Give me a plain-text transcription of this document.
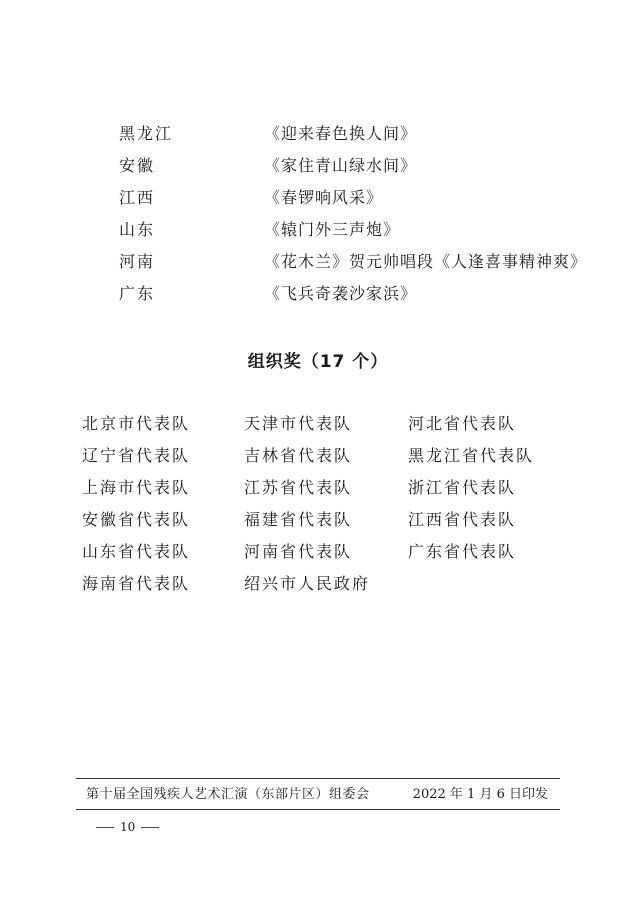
黑龙江	《迎来春色换人间》
安徽	《家住青山绿水间》
江西	《春锣响风采》
山东	《辕门外三声炮》
河南	《花木兰》贺元帅唱段《人逢喜事精神爽》
广东	《飞兵奇袭沙家浜》
组织奖（17 个）
北京市代表队	天津市代表队	河北省代表队
辽宁省代表队	吉林省代表队	黑龙江省代表队
上海市代表队	江苏省代表队	浙江省代表队
安徽省代表队	福建省代表队	江西省代表队
山东省代表队	河南省代表队	广东省代表队
海南省代表队	绍兴市人民政府
第十届全国残疾人艺术汇演（东部片区）组委会	2022 年 1 月 6 日印发
10
